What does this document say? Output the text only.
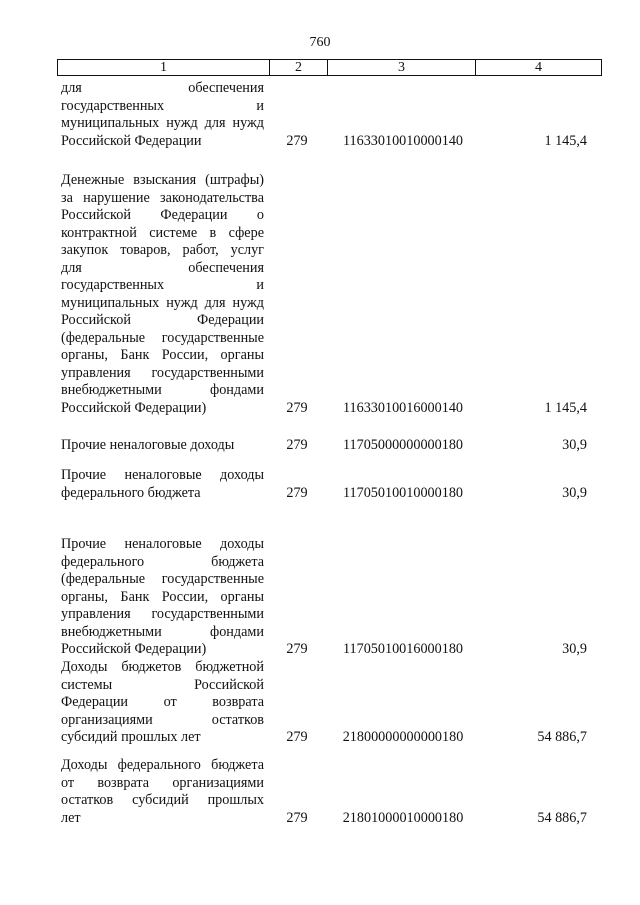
760
1	2	3	4
для обеспечения
государственных и
муниципальных нужд для нужд
Российской Федерации	279	11633010010000140	1 145,4
Денежные взыскания (штрафы)
за нарушение законодательства
Российской Федерации о
контрактной системе в сфере
закупок товаров, работ, услуг
для обеспечения
государственных и
муниципальных нужд для нужд
Российской Федерации
(федеральные государственные
органы, Банк России, органы
управления государственными
внебюджетными фондами
Российской Федерации)	279	11633010016000140	1 145,4
Прочие неналоговые доходы	279	11705000000000180	30,9
Прочие неналоговые доходы
федерального бюджета	279	11705010010000180	30,9
Прочие неналоговые доходы
федерального бюджета
(федеральные государственные
органы, Банк России, органы
управления государственными
внебюджетными фондами
Российской Федерации)	279	11705010016000180	30,9
Доходы бюджетов бюджетной
системы Российской
Федерации от возврата
организациями остатков
субсидий прошлых лет	279	21800000000000180	54 886,7
Доходы федерального бюджета
от возврата организациями
остатков субсидий прошлых
лет	279	21801000010000180	54 886,7
